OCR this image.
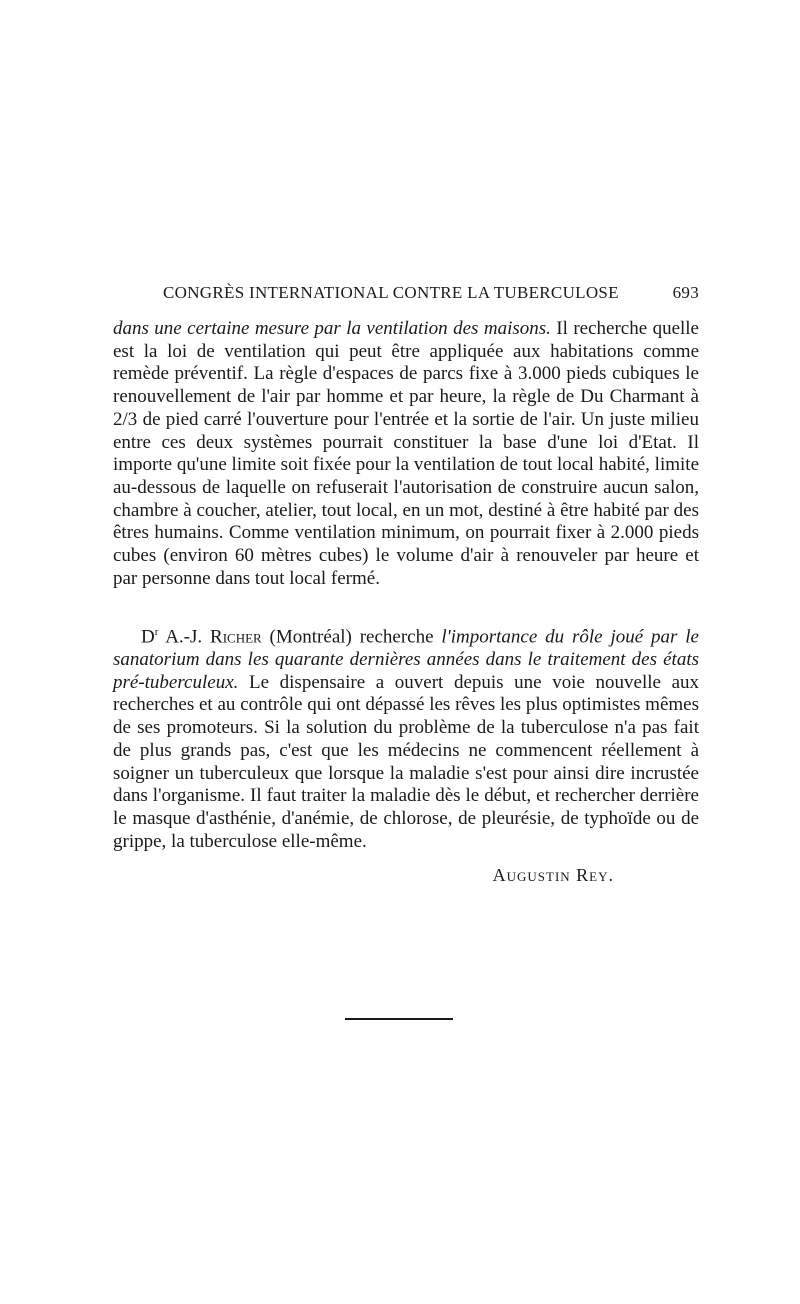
CONGRÈS INTERNATIONAL CONTRE LA TUBERCULOSE	693
dans une certaine mesure par la ventilation des maisons. Il recherche quelle est la loi de ventilation qui peut être appliquée aux habitations comme remède préventif. La règle d'espaces de parcs fixe à 3.000 pieds cubiques le renouvellement de l'air par homme et par heure, la règle de Du Charmant à 2/3 de pied carré l'ouverture pour l'entrée et la sortie de l'air. Un juste milieu entre ces deux systèmes pourrait constituer la base d'une loi d'Etat. Il importe qu'une limite soit fixée pour la ventilation de tout local habité, limite au-dessous de laquelle on refuserait l'autorisation de construire aucun salon, chambre à coucher, atelier, tout local, en un mot, destiné à être habité par des êtres humains. Comme ventilation minimum, on pourrait fixer à 2.000 pieds cubes (environ 60 mètres cubes) le volume d'air à renouveler par heure et par personne dans tout local fermé.
$D^r$ A.-J. Richer (Montréal) recherche l'importance du rôle joué par le sanatorium dans les quarante dernières années dans le traitement des états pré-tuberculeux. Le dispensaire a ouvert depuis une voie nouvelle aux recherches et au contrôle qui ont dépassé les rêves les plus optimistes mêmes de ses promoteurs. Si la solution du problème de la tuberculose n'a pas fait de plus grands pas, c'est que les médecins ne commencent réellement à soigner un tuberculeux que lorsque la maladie s'est pour ainsi dire incrustée dans l'organisme. Il faut traiter la maladie dès le début, et rechercher derrière le masque d'asthénie, d'anémie, de chlorose, de pleurésie, de typhoïde ou de grippe, la tuberculose elle-même.
Augustin Rey.
